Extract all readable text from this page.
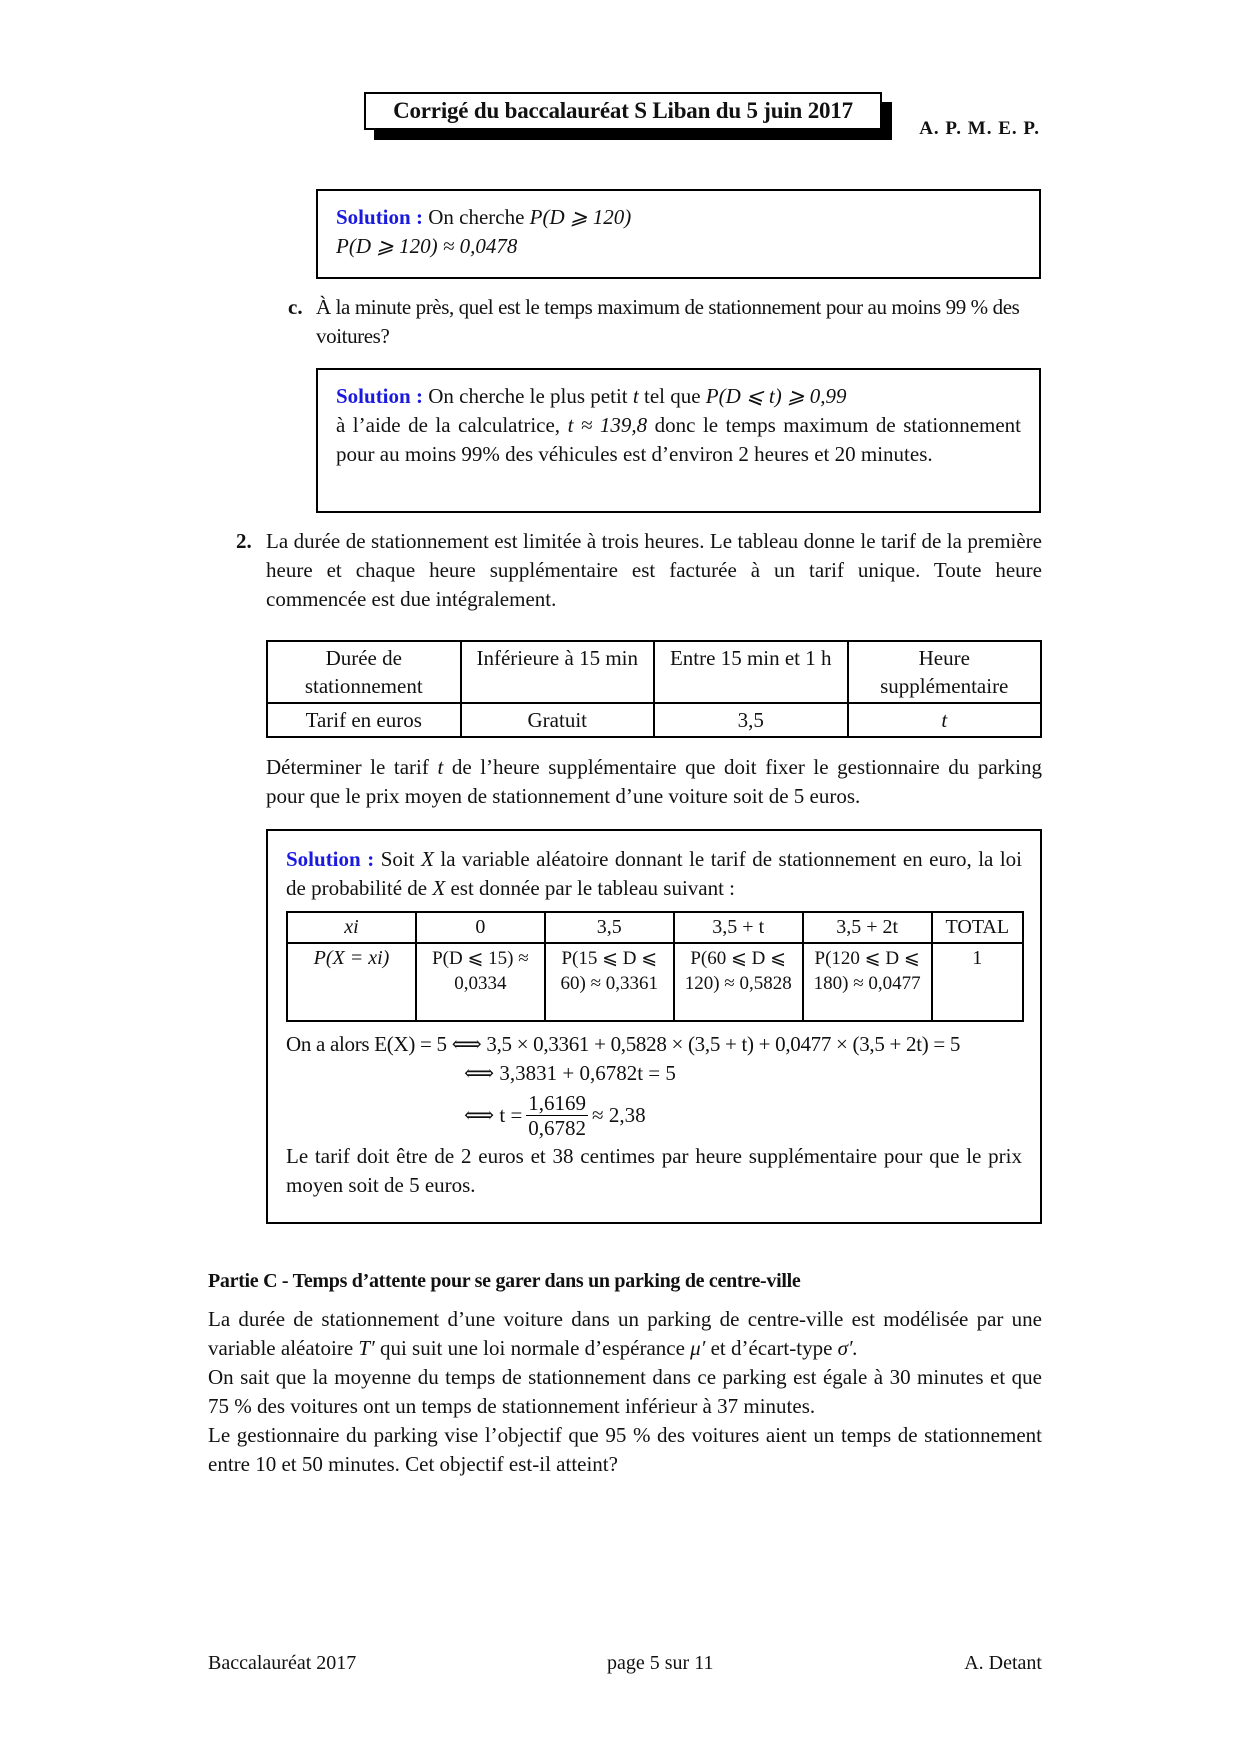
Corrigé du baccalauréat S Liban du 5 juin 2017
A. P. M. E. P.
Solution : On cherche P(D ⩾ 120)
P(D ⩾ 120) ≈ 0,0478
c. À la minute près, quel est le temps maximum de stationnement pour au moins 99 % des voitures?
Solution : On cherche le plus petit t tel que P(D ⩽ t) ⩾ 0,99
à l’aide de la calculatrice, t ≈ 139,8 donc le temps maximum de stationnement pour au moins 99% des véhicules est d’environ 2 heures et 20 minutes.
2. La durée de stationnement est limitée à trois heures. Le tableau donne le tarif de la première heure et chaque heure supplémentaire est facturée à un tarif unique. Toute heure commencée est due intégralement.
Durée de stationnement	Inférieure à 15 min	Entre 15 min et 1 h	Heure supplémentaire
Tarif en euros	Gratuit	3,5	t
Déterminer le tarif t de l’heure supplémentaire que doit fixer le gestionnaire du parking pour que le prix moyen de stationnement d’une voiture soit de 5 euros.
Solution : Soit X la variable aléatoire donnant le tarif de stationnement en euro, la loi de probabilité de X est donnée par le tableau suivant :
xi	0	3,5	3,5 + t	3,5 + 2t	TOTAL
P(X = xi)	P(D ⩽ 15) ≈ 0,0334	P(15 ⩽ D ⩽ 60) ≈ 0,3361	P(60 ⩽ D ⩽ 120) ≈ 0,5828	P(120 ⩽ D ⩽ 180) ≈ 0,0477	1
On a alors E(X) = 5 ⟺ 3,5 × 0,3361 + 0,5828 × (3,5 + t) + 0,0477 × (3,5 + 2t) = 5
⟺ 3,3831 + 0,6782t = 5
⟺ $t = \frac{1,6169}{0,6782} \approx 2,38$
Le tarif doit être de 2 euros et 38 centimes par heure supplémentaire pour que le prix moyen soit de 5 euros.
Partie C - Temps d’attente pour se garer dans un parking de centre-ville
La durée de stationnement d’une voiture dans un parking de centre-ville est modélisée par une variable aléatoire T′ qui suit une loi normale d’espérance μ′ et d’écart-type σ′.
On sait que la moyenne du temps de stationnement dans ce parking est égale à 30 minutes et que 75 % des voitures ont un temps de stationnement inférieur à 37 minutes.
Le gestionnaire du parking vise l’objectif que 95 % des voitures aient un temps de stationnement entre 10 et 50 minutes. Cet objectif est-il atteint?
Baccalauréat 2017	page 5 sur 11	A. Detant
